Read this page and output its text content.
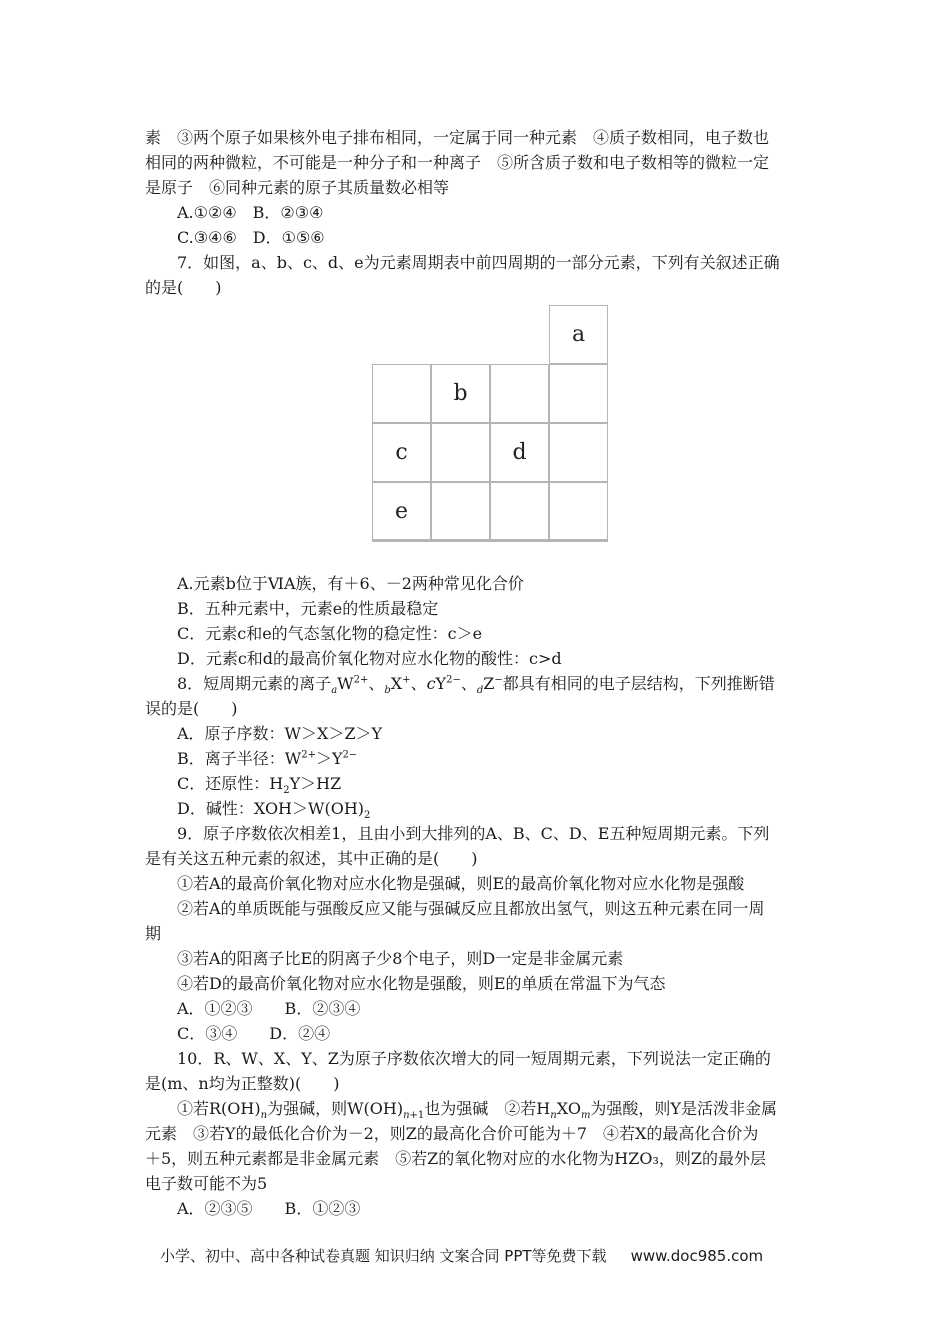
素　③两个原子如果核外电子排布相同，一定属于同一种元素　④质子数相同，电子数也
相同的两种微粒，不可能是一种分子和一种离子　⑤所含质子数和电子数相等的微粒一定
是原子　⑥同种元素的原子其质量数必相等
A.①②④　B．②③④
C.③④⑥　D．①⑤⑥
7．如图，a、b、c、d、e为元素周期表中前四周期的一部分元素，下列有关叙述正确
的是(　　)
a
b
c	d
e
A.元素b位于ⅥA族，有＋6、－2两种常见化合价
B．五种元素中，元素e的性质最稳定
C．元素c和e的气态氢化物的稳定性：c＞e
D．元素c和d的最高价氧化物对应水化物的酸性：c>d
8．短周期元素的离子$_aW^{2+}$、$_b$X+、$cY^{2-}$、$_d$Z−都具有相同的电子层结构，下列推断错
误的是(　　)
A．原子序数：W＞X＞Z＞Y
B．离子半径：$W^{2+}>Y^{2-}$
C．还原性：$H_2Y>HZ$
D．碱性：$XOH>W(OH)_2$
9．原子序数依次相差1，且由小到大排列的A、B、C、D、E五种短周期元素。下列
是有关这五种元素的叙述，其中正确的是(　　)
①若A的最高价氧化物对应水化物是强碱，则E的最高价氧化物对应水化物是强酸
②若A的单质既能与强酸反应又能与强碱反应且都放出氢气，则这五种元素在同一周
期
③若A的阳离子比E的阴离子少8个电子，则D一定是非金属元素
④若D的最高价氧化物对应水化物是强酸，则E的单质在常温下为气态
A．①②③　　B．②③④
C．③④　　D．②④
10．R、W、X、Y、Z为原子序数依次增大的同一短周期元素，下列说法一定正确的
是(m、n均为正整数)(　　)
①若$R(OH)_n$为强碱，则$W(OH)_{n+1}$也为强碱　②若$H_nXO_m$为强酸，则Y是活泼非金属
元素　③若Y的最低化合价为－2，则Z的最高化合价可能为＋7　④若X的最高化合价为
＋5，则五种元素都是非金属元素　⑤若Z的氧化物对应的水化物为HZO₃，则Z的最外层
电子数可能不为5
A．②③⑤　　B．①②③
小学、初中、高中各种试卷真题 知识归纳 文案合同 PPT等免费下载 www.doc985.com
